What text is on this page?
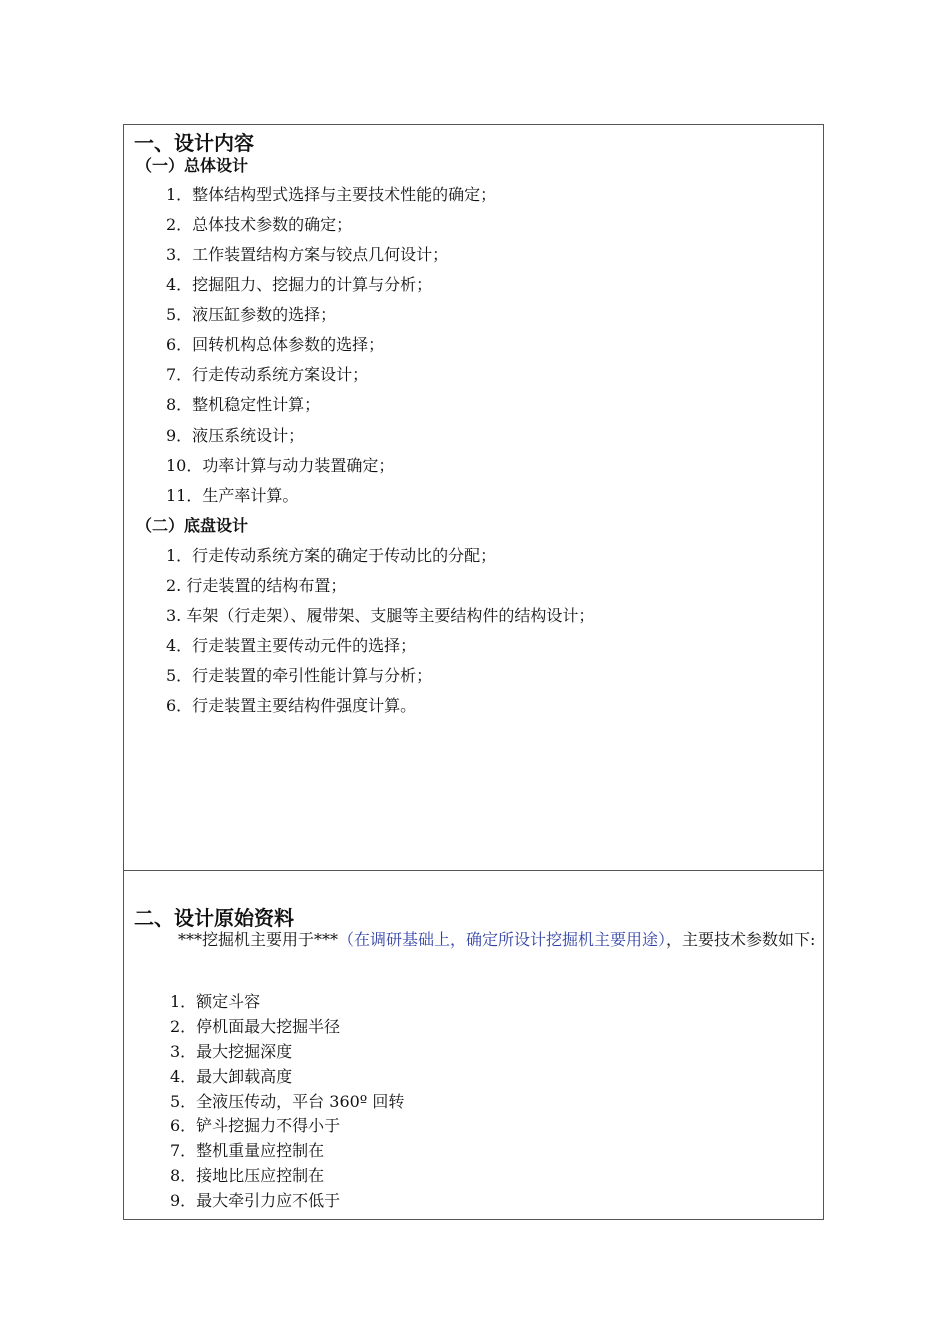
一、设计内容
（一）总体设计
1．整体结构型式选择与主要技术性能的确定；
2．总体技术参数的确定；
3．工作装置结构方案与铰点几何设计；
4．挖掘阻力、挖掘力的计算与分析；
5．液压缸参数的选择；
6．回转机构总体参数的选择；
7．行走传动系统方案设计；
8．整机稳定性计算；
9．液压系统设计；
10．功率计算与动力装置确定；
11．生产率计算。
（二）底盘设计
1．行走传动系统方案的确定于传动比的分配；
2. 行走装置的结构布置；
3. 车架（行走架）、履带架、支腿等主要结构件的结构设计；
4．行走装置主要传动元件的选择；
5．行走装置的牵引性能计算与分析；
6．行走装置主要结构件强度计算。
二、设计原始资料
***挖掘机主要用于***（在调研基础上，确定所设计挖掘机主要用途），主要技术参数如下:
1．额定斗容
2．停机面最大挖掘半径
3．最大挖掘深度
4．最大卸载高度
5．全液压传动，平台 360º 回转
6．铲斗挖掘力不得小于
7．整机重量应控制在
8．接地比压应控制在
9．最大牵引力应不低于
